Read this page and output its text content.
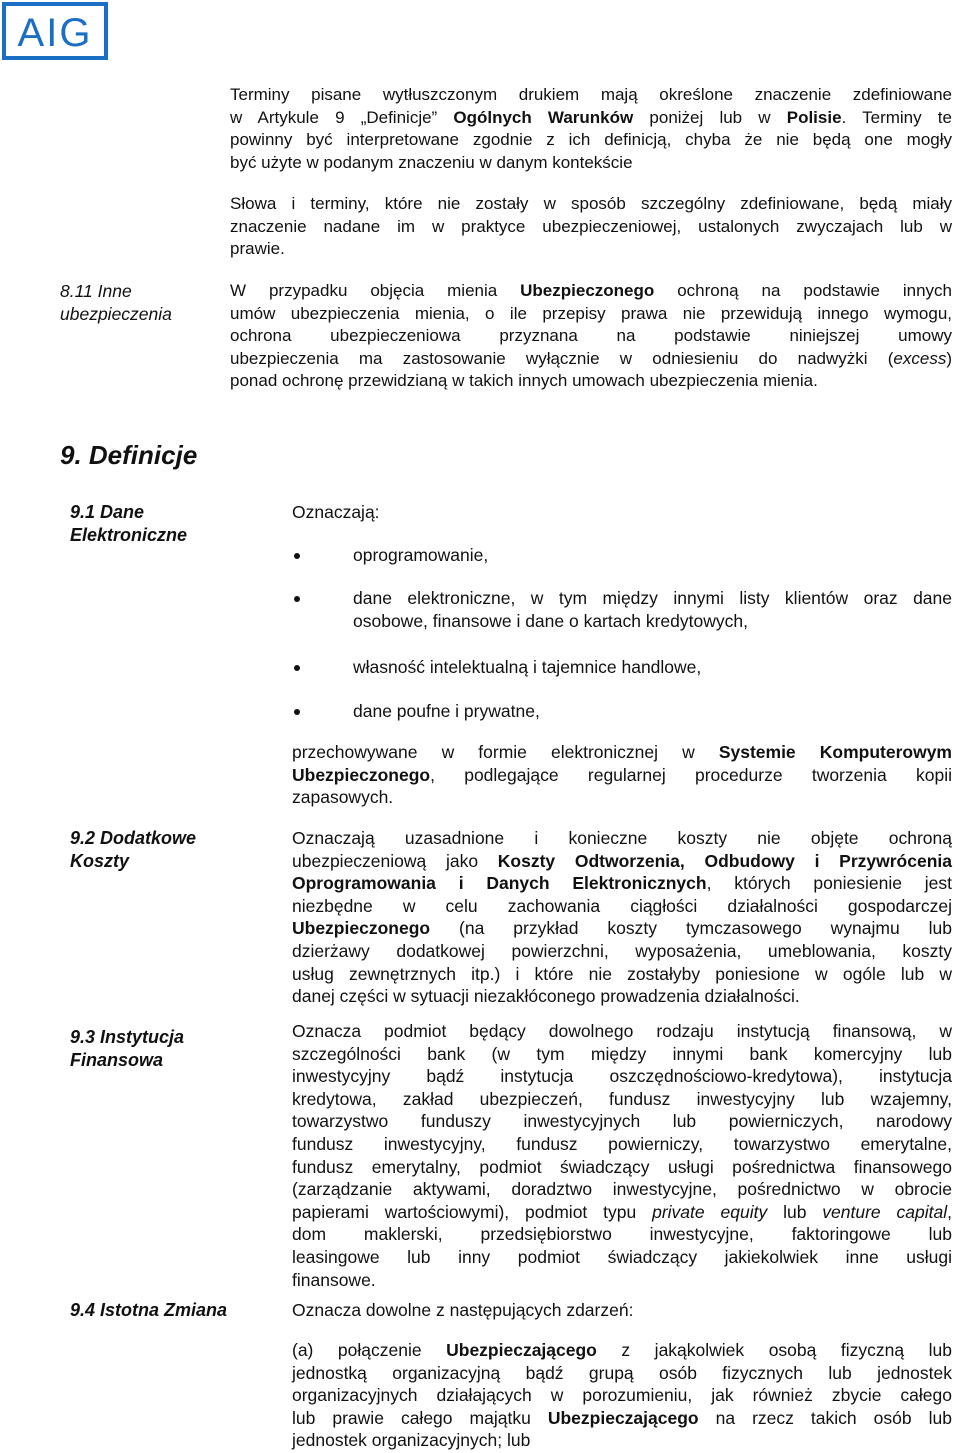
AIG
Terminy pisane wytłuszczonym drukiem mają określone znaczenie zdefiniowane
w Artykule 9 „Definicje” Ogólnych Warunków poniżej lub w Polisie. Terminy te
powinny być interpretowane zgodnie z ich definicją, chyba że nie będą one mogły
być użyte w podanym znaczeniu w danym kontekście
Słowa i terminy, które nie zostały w sposób szczególny zdefiniowane, będą miały
znaczenie nadane im w praktyce ubezpieczeniowej, ustalonych zwyczajach lub w
prawie.
8.11 Inne
ubezpieczenia
W przypadku objęcia mienia Ubezpieczonego ochroną na podstawie innych
umów ubezpieczenia mienia, o ile przepisy prawa nie przewidują innego wymogu,
ochrona ubezpieczeniowa przyznana na podstawie niniejszej umowy
ubezpieczenia ma zastosowanie wyłącznie w odniesieniu do nadwyżki (excess)
ponad ochronę przewidzianą w takich innych umowach ubezpieczenia mienia.
9. Definicje
9.1 Dane
Elektroniczne
Oznaczają:
oprogramowanie,
dane elektroniczne, w tym między innymi listy klientów oraz dane
osobowe, finansowe i dane o kartach kredytowych,
własność intelektualną i tajemnice handlowe,
dane poufne i prywatne,
przechowywane w formie elektronicznej w Systemie Komputerowym
Ubezpieczonego, podlegające regularnej procedurze tworzenia kopii
zapasowych.
9.2 Dodatkowe
Koszty
Oznaczają uzasadnione i konieczne koszty nie objęte ochroną
ubezpieczeniową jako Koszty Odtworzenia, Odbudowy i Przywrócenia
Oprogramowania i Danych Elektronicznych, których poniesienie jest
niezbędne w celu zachowania ciągłości działalności gospodarczej
Ubezpieczonego (na przykład koszty tymczasowego wynajmu lub
dzierżawy dodatkowej powierzchni, wyposażenia, umeblowania, koszty
usług zewnętrznych itp.) i które nie zostałyby poniesione w ogóle lub w
danej części w sytuacji niezakłóconego prowadzenia działalności.
9.3 Instytucja
Finansowa
Oznacza podmiot będący dowolnego rodzaju instytucją finansową, w
szczególności bank (w tym między innymi bank komercyjny lub
inwestycyjny bądź instytucja oszczędnościowo-kredytowa), instytucja
kredytowa, zakład ubezpieczeń, fundusz inwestycyjny lub wzajemny,
towarzystwo funduszy inwestycyjnych lub powierniczych, narodowy
fundusz inwestycyjny, fundusz powierniczy, towarzystwo emerytalne,
fundusz emerytalny, podmiot świadczący usługi pośrednictwa finansowego
(zarządzanie aktywami, doradztwo inwestycyjne, pośrednictwo w obrocie
papierami wartościowymi), podmiot typu private equity lub venture capital,
dom maklerski, przedsiębiorstwo inwestycyjne, faktoringowe lub
leasingowe lub inny podmiot świadczący jakiekolwiek inne usługi
finansowe.
9.4 Istotna Zmiana	Oznacza dowolne z następujących zdarzeń:
(a) połączenie Ubezpieczającego z jakąkolwiek osobą fizyczną lub
jednostką organizacyjną bądź grupą osób fizycznych lub jednostek
organizacyjnych działających w porozumieniu, jak również zbycie całego
lub prawie całego majątku Ubezpieczającego na rzecz takich osób lub
jednostek organizacyjnych; lub
